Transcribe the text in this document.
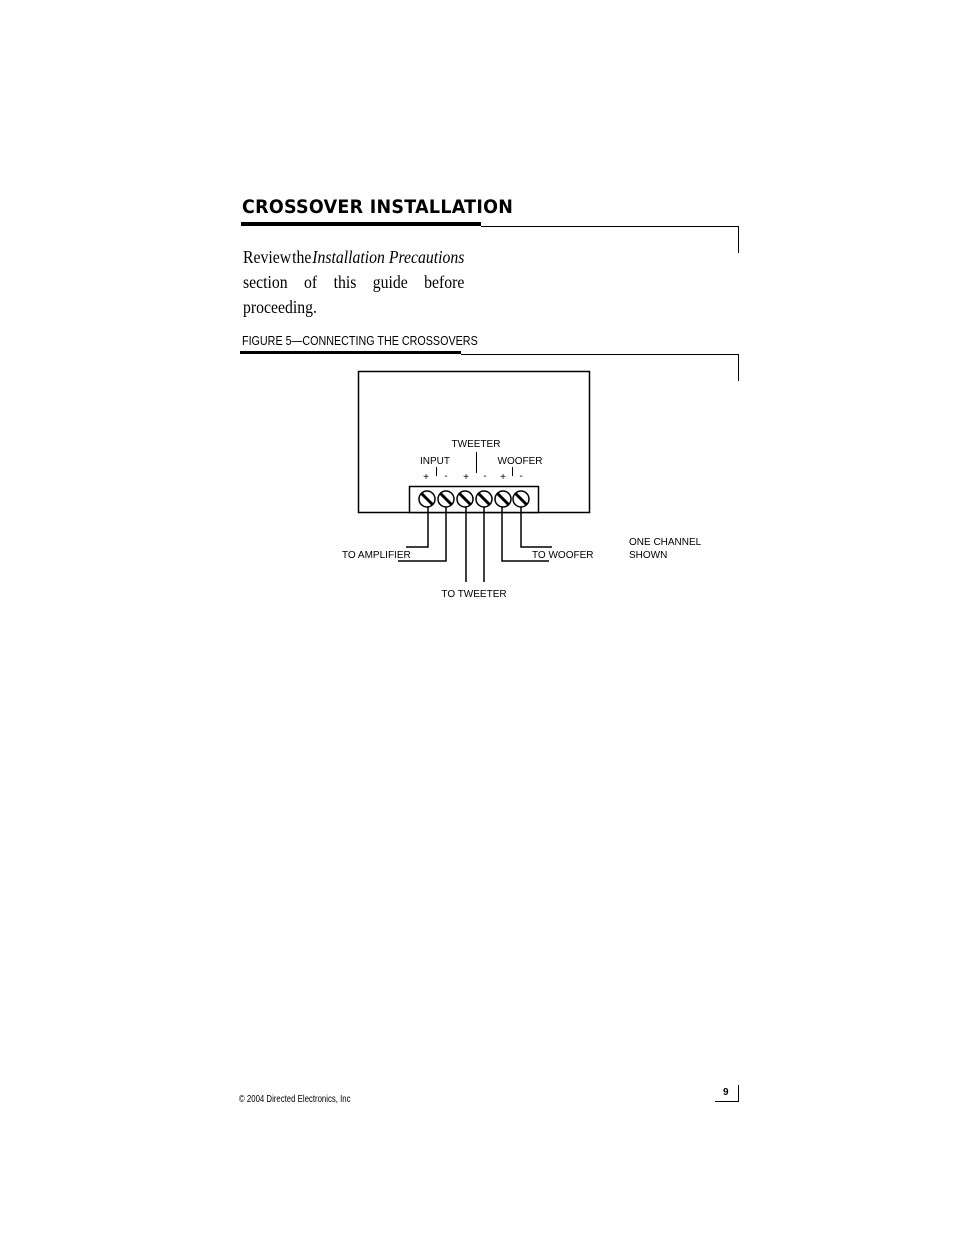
CROSSOVER INSTALLATION

Review the Installation Precautions
section of this guide before proceeding.

FIGURE 5—CONNECTING THE CROSSOVERS
TWEETER
INPUT	WOOFER
+ - + - + -
TO AMPLIFIER	TO WOOFER
TO TWEETER
ONE CHANNEL
SHOWN
© 2004 Directed Electronics, Inc
9
